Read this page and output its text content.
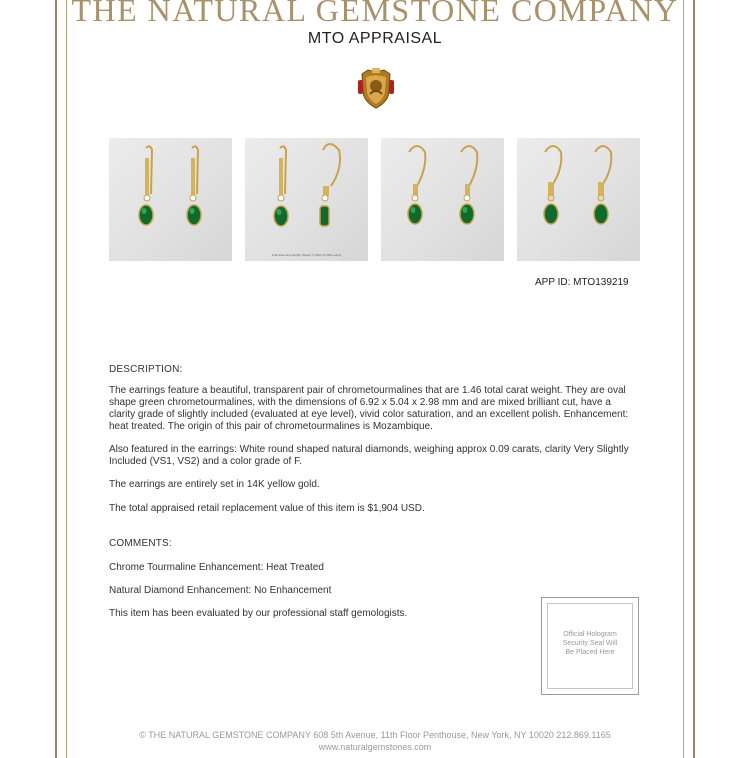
THE NATURAL GEMSTONE COMPANY
MTO APPRAISAL
Total Diamond Weight Shown: 0.09tw (0.045ct each)
APP ID: MTO139219
DESCRIPTION:
The earrings feature a beautiful, transparent pair of chrometourmalines that are 1.46 total carat weight. They are oval shape green chrometourmalines, with the dimensions of 6.92 x 5.04 x 2.98 mm and are mixed brilliant cut, have a clarity grade of slightly included (evaluated at eye level), vivid color saturation, and an excellent polish. Enhancement: heat treated. The origin of this pair of chrometourmalines is Mozambique.
Also featured in the earrings: White round shaped natural diamonds, weighing approx 0.09 carats, clarity Very Slightly Included (VS1, VS2) and a color grade of F.
The earrings are entirely set in 14K yellow gold.
The total appraised retail replacement value of this item is $1,904 USD.
COMMENTS:
Chrome Tourmaline Enhancement: Heat Treated
Natural Diamond Enhancement: No Enhancement
This item has been evaluated by our professional staff gemologists.
Official Hologram
Security Seal Will
Be Placed Here
© THE NATURAL GEMSTONE COMPANY 608 5th Avenue, 11th Floor Penthouse, New York, NY 10020 212.869.1165
www.naturalgemstones.com
